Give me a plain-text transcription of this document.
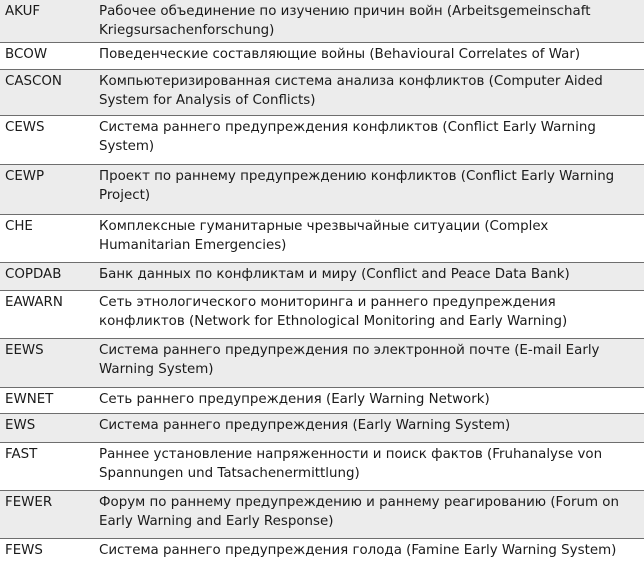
AKUF	Рабочее объединение по изучению причин войн (Arbeitsgemeinschaft Kriegsursachenforschung)
BCOW	Поведенческие составляющие войны (Behavioural Correlates of War)
CASCON	Компьютеризированная система анализа конфликтов (Computer Aided System for Analysis of Conflicts)
CEWS	Система раннего предупреждения конфликтов (Conflict Early Warning System)
CEWP	Проект по раннему предупреждению конфликтов (Conflict Early Warning Project)
CHE	Комплексные гуманитарные чрезвычайные ситуации (Complex Humanitarian Emergencies)
COPDAB	Банк данных по конфликтам и миру (Conflict and Peace Data Bank)
EAWARN	Сеть этнологического мониторинга и раннего предупреждения конфликтов (Network for Ethnological Monitoring and Early Warning)
EEWS	Система раннего предупреждения по электронной почте (E-mail Early Warning System)
EWNET	Сеть раннего предупреждения (Early Warning Network)
EWS	Система раннего предупреждения (Early Warning System)
FAST	Раннее установление напряженности и поиск фактов (Fruhanalyse von Spannungen und Tatsachenermittlung)
FEWER	Форум по раннему предупреждению и раннему реагированию (Forum on Early Warning and Early Response)
FEWS	Система раннего предупреждения голода (Famine Early Warning System)
